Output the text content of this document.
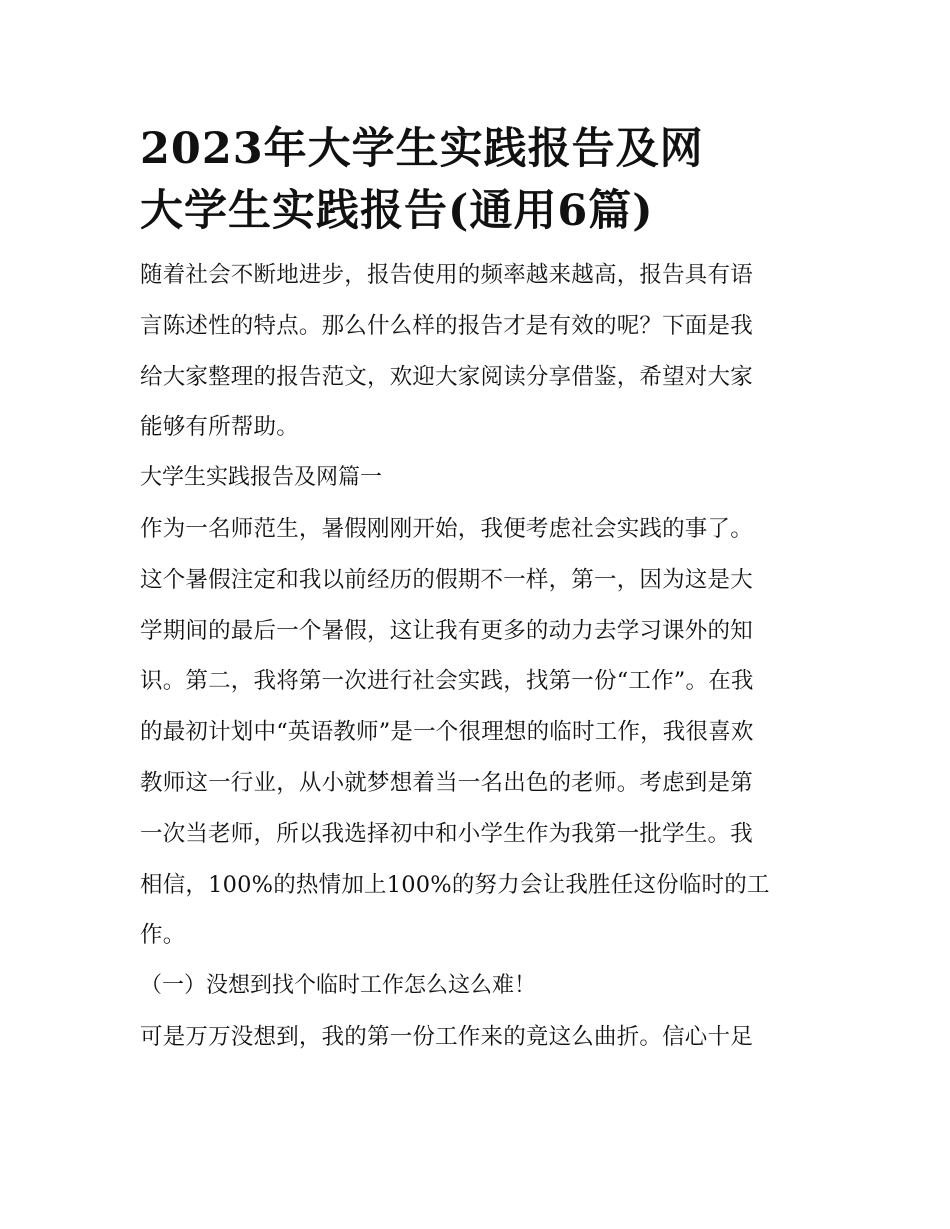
2023年大学生实践报告及网
大学生实践报告(通用6篇)

随着社会不断地进步，报告使用的频率越来越高，报告具有语
言陈述性的特点。那么什么样的报告才是有效的呢？下面是我
给大家整理的报告范文，欢迎大家阅读分享借鉴，希望对大家
能够有所帮助。

大学生实践报告及网篇一

作为一名师范生，暑假刚刚开始，我便考虑社会实践的事了。
这个暑假注定和我以前经历的假期不一样，第一，因为这是大
学期间的最后一个暑假，这让我有更多的动力去学习课外的知
识。第二，我将第一次进行社会实践，找第一份“工作”。在我
的最初计划中“英语教师”是一个很理想的临时工作，我很喜欢
教师这一行业，从小就梦想着当一名出色的老师。考虑到是第
一次当老师，所以我选择初中和小学生作为我第一批学生。我
相信，100%的热情加上100%的努力会让我胜任这份临时的工
作。

（一）没想到找个临时工作怎么这么难！

可是万万没想到，我的第一份工作来的竟这么曲折。信心十足
